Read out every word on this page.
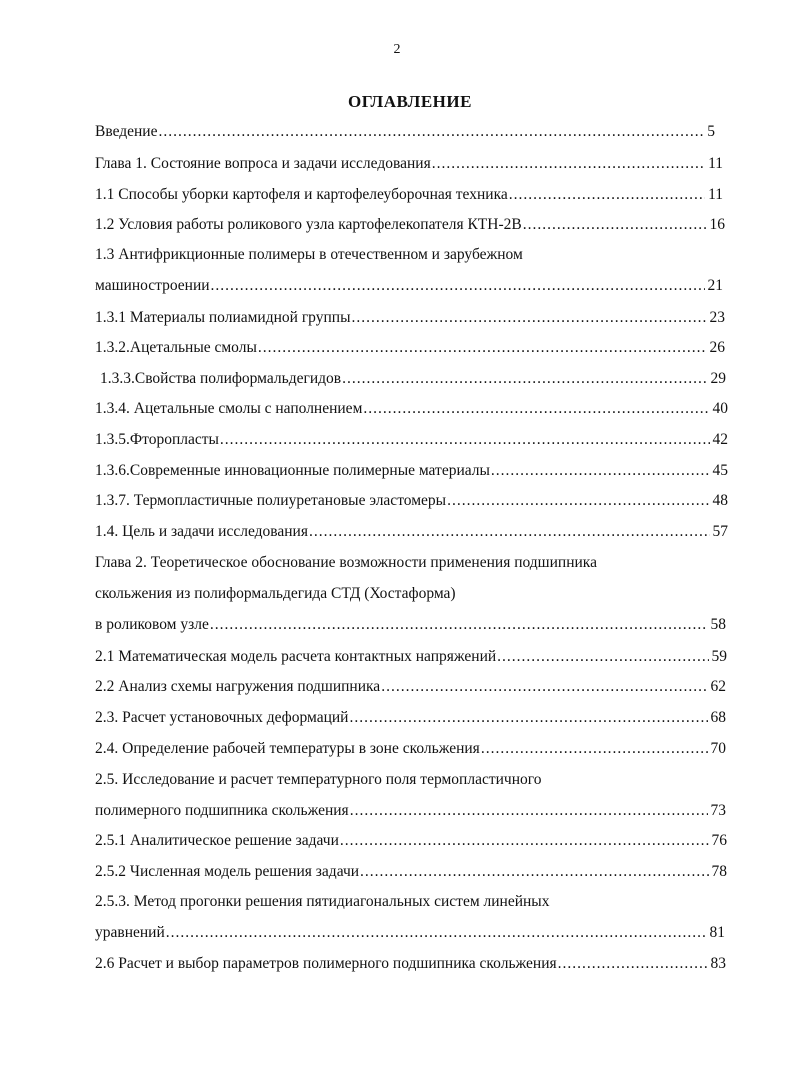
2
ОГЛАВЛЕНИЕ
Введение .....	5
Глава 1. Состояние вопроса и задачи исследования .....	11
1.1 Способы уборки картофеля и картофелеуборочная техника .....	11
1.2 Условия работы роликового узла картофелекопателя КТН-2В .....	16
1.3 Антифрикционные полимеры в отечественном и зарубежном
машиностроении .....	21
1.3.1 Материалы полиамидной группы .....	23
1.3.2.Ацетальные смолы .....	26
1.3.3.Свойства полиформальдегидов .....	29
1.3.4. Ацетальные смолы с наполнением .....	40
1.3.5.Фторопласты .....	42
1.3.6.Современные инновационные полимерные материалы .....	45
1.3.7. Термопластичные полиуретановые эластомеры .....	48
1.4. Цель и задачи исследования .....	57
Глава 2. Теоретическое обоснование возможности применения подшипника
скольжения из полиформальдегида СТД (Хостаформа)
в роликовом узле .....	58
2.1 Математическая модель расчета контактных напряжений .....	59
2.2 Анализ схемы нагружения подшипника .....	62
2.3. Расчет установочных деформаций .....	68
2.4. Определение рабочей температуры в зоне скольжения .....	70
2.5. Исследование и расчет температурного поля термопластичного
полимерного подшипника скольжения .....	73
2.5.1 Аналитическое решение задачи .....	76
2.5.2 Численная модель решения задачи .....	78
2.5.3. Метод прогонки решения пятидиагональных систем линейных
уравнений .....	81
2.6 Расчет и выбор параметров полимерного подшипника скольжения .....	83
